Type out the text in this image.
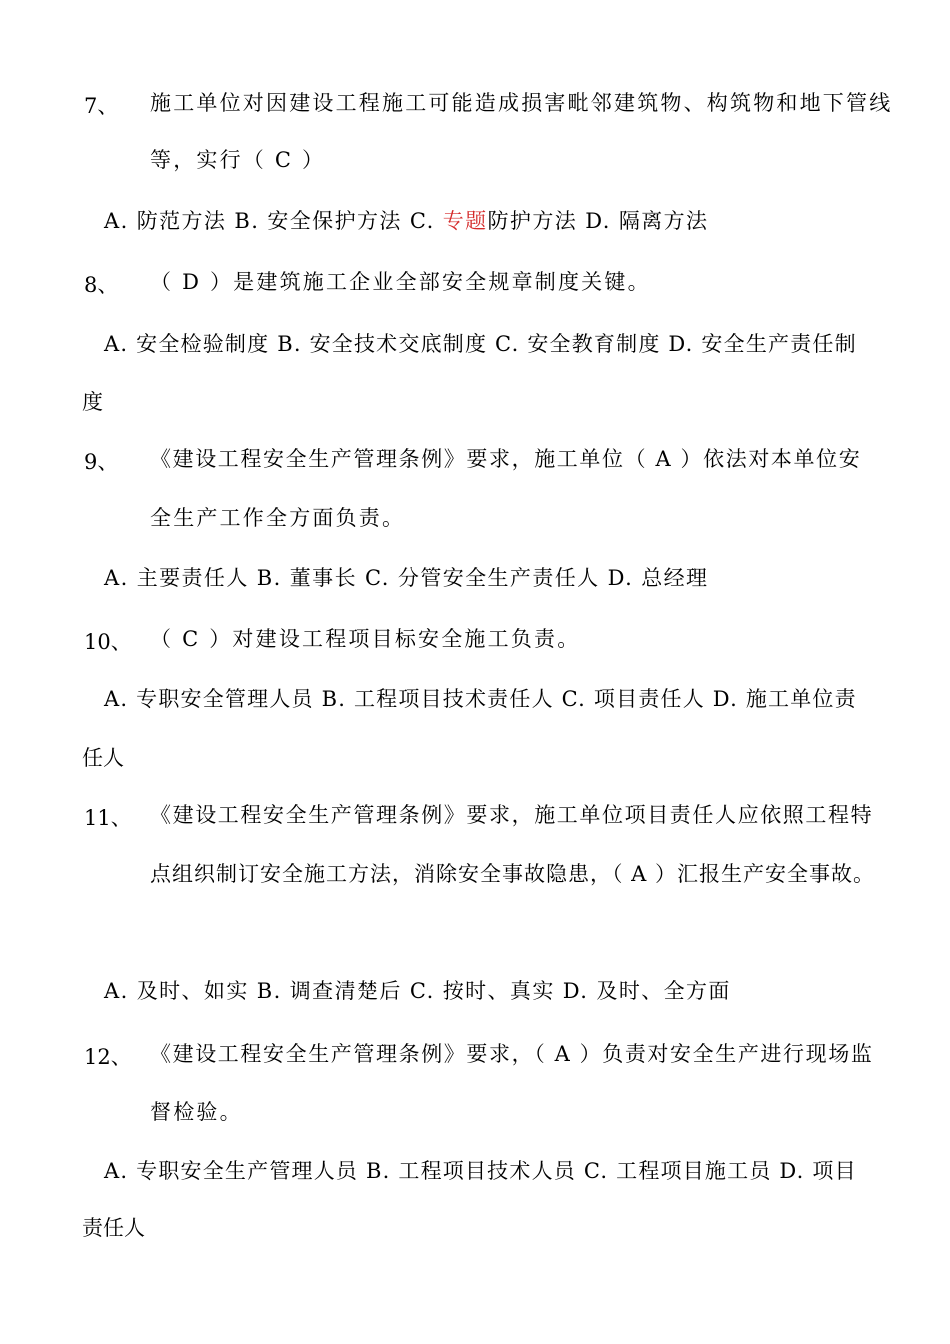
7、 施工单位对因建设工程施工可能造成损害毗邻建筑物、构筑物和地下管线
等，实行（ C ）
A. 防范方法 B. 安全保护方法 C. 专题防护方法 D. 隔离方法
8、 （ D ）是建筑施工企业全部安全规章制度关键。
A. 安全检验制度 B. 安全技术交底制度 C. 安全教育制度 D. 安全生产责任制
度
9、 《建设工程安全生产管理条例》要求，施工单位（ A ）依法对本单位安
全生产工作全方面负责。
A. 主要责任人 B. 董事长 C. 分管安全生产责任人 D. 总经理
10、 （ C ）对建设工程项目标安全施工负责。
A. 专职安全管理人员 B. 工程项目技术责任人 C. 项目责任人 D. 施工单位责
任人
11、 《建设工程安全生产管理条例》要求，施工单位项目责任人应依照工程特
点组织制订安全施工方法，消除安全事故隐患，（ A ）汇报生产安全事故。
A. 及时、如实 B. 调查清楚后 C. 按时、真实 D. 及时、全方面
12、 《建设工程安全生产管理条例》要求，（ A ）负责对安全生产进行现场监
督检验。
A. 专职安全生产管理人员 B. 工程项目技术人员 C. 工程项目施工员 D. 项目
责任人
